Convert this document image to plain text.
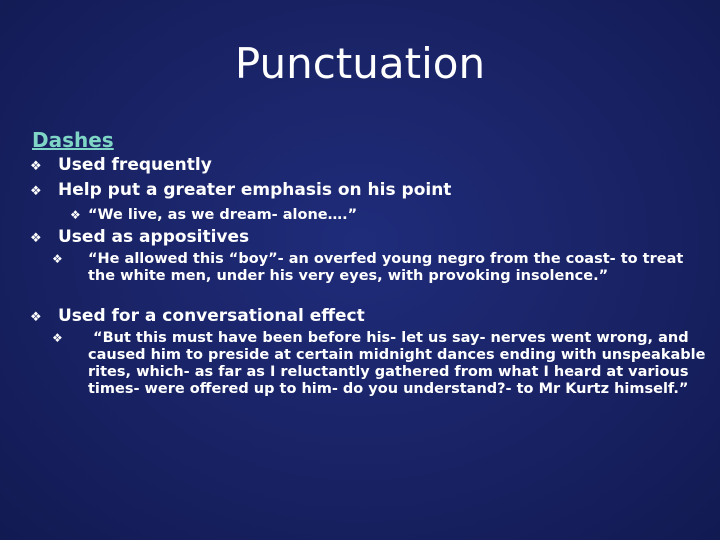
Punctuation
Dashes
❖ Used frequently
❖ Help put a greater emphasis on his point
❖ “We live, as we dream- alone….”
❖ Used as appositives
❖ “He allowed this “boy”- an overfed young negro from the coast- to treat the white men, under his very eyes, with provoking insolence.”
❖ Used for a conversational effect
❖ “But this must have been before his- let us say- nerves went wrong, and caused him to preside at certain midnight dances ending with unspeakable rites, which- as far as I reluctantly gathered from what I heard at various times- were offered up to him- do you understand?- to Mr Kurtz himself.”
